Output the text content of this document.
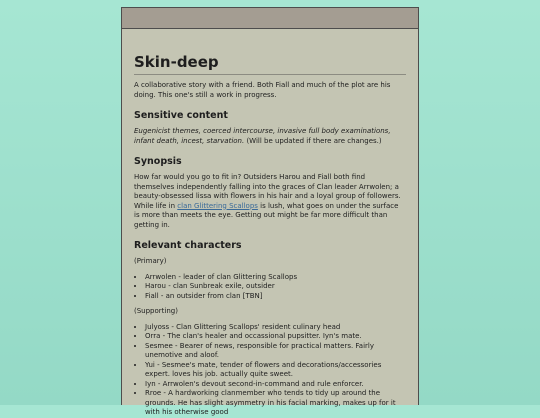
Skin-deep

A collaborative story with a friend. Both Fiall and much of the plot are his doing. This one's still a work in progress.

Sensitive content

Eugenicist themes, coerced intercourse, invasive full body examinations, infant death, incest, starvation. (Will be updated if there are changes.)

Synopsis

How far would you go to fit in? Outsiders Harou and Fiall both find themselves independently falling into the graces of Clan leader Arrwolen; a beauty-obsessed lissa with flowers in his hair and a loyal group of followers. While life in clan Glittering Scallops is lush, what goes on under the surface is more than meets the eye. Getting out might be far more difficult than getting in.

Relevant characters

(Primary)

• Arrwolen - leader of clan Glittering Scallops
• Harou - clan Sunbreak exile, outsider
• Fiall - an outsider from clan [TBN]

(Supporting)

• Julyoss - Clan Glittering Scallops' resident culinary head
• Orra - The clan's healer and occassional pupsitter. Iyn's mate.
• Sesmee - Bearer of news, responsible for practical matters. Fairly unemotive and aloof.
• Yui - Sesmee's mate, tender of flowers and decorations/accessories expert. loves his job. actually quite sweet.
• Iyn - Arrwolen's devout second-in-command and rule enforcer.
• Rroe - A hardworking clanmember who tends to tidy up around the grounds. He has slight asymmetry in his facial marking, makes up for it with his otherwise good
